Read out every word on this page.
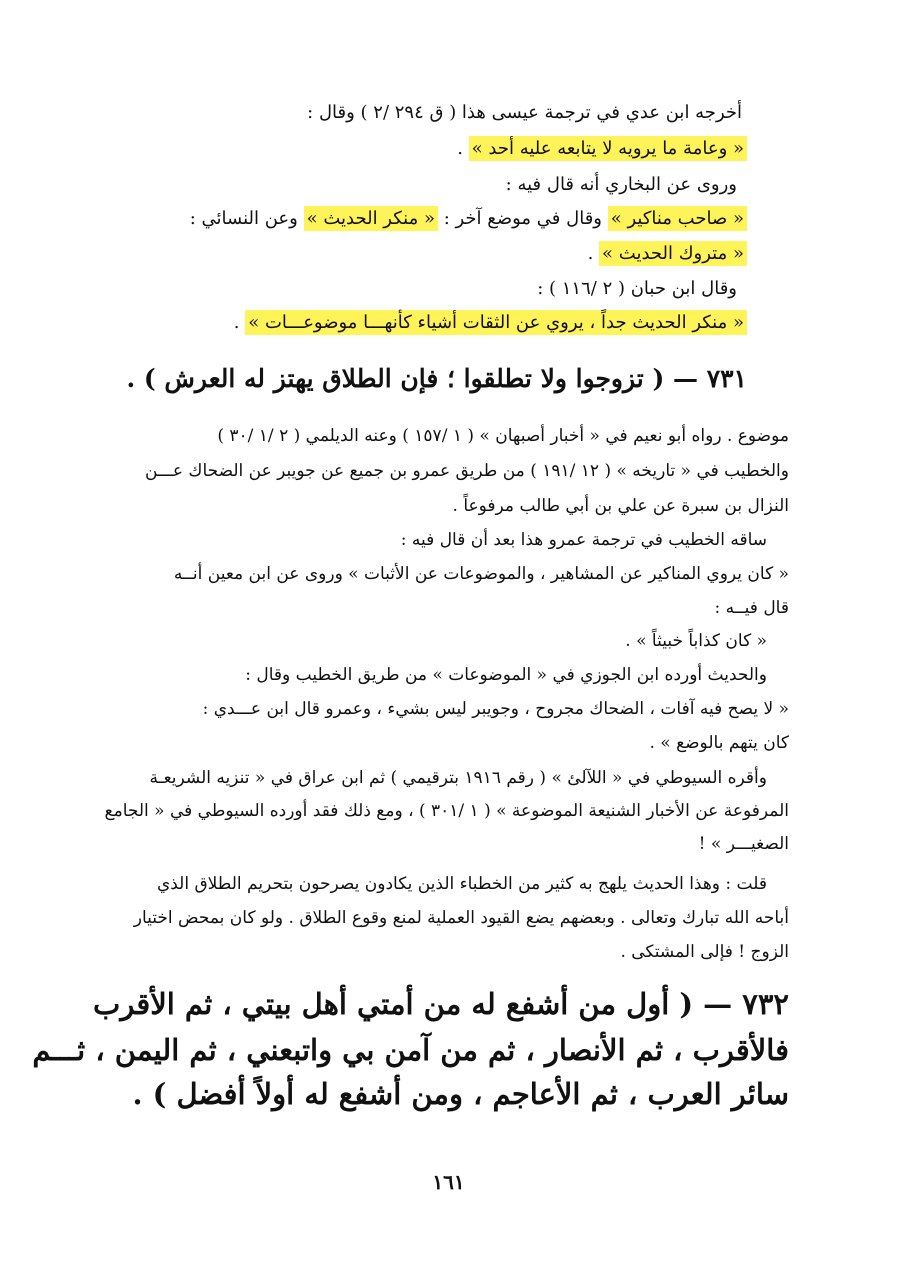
أخرجه ابن عدي في ترجمة عيسى هذا ( ق ٢٩٤ /٢ ) وقال :
« وعامة ما يرويه لا يتابعه عليه أحد » .
وروى عن البخاري أنه قال فيه :
« صاحب مناكير » وقال في موضع آخر : « منكر الحديث » وعن النسائي :
« متروك الحديث » .
وقال ابن حبان ( ٢ /١١٦ ) :
« منكر الحديث جداً ، يروي عن الثقات أشياء كأنهـــا موضوعـــات » .
٧٣١ — ( تزوجوا ولا تطلقوا ؛ فإن الطلاق يهتز له العرش ) .
موضوع . رواه أبو نعيم في « أخبار أصبهان » ( ١ /١٥٧ ) وعنه الديلمي ( ٢ /١ /٣٠ )
والخطيب في « تاريخه » ( ١٢ /١٩١ ) من طريق عمرو بن جميع عن جويبر عن الضحاك عـــن
النزال بن سبرة عن علي بن أبي طالب مرفوعاً .
ساقه الخطيب في ترجمة عمرو هذا بعد أن قال فيه :
« كان يروي المناكير عن المشاهير ، والموضوعات عن الأثبات » وروى عن ابن معين أنــه
قال فيــه :
« كان كذاباً خبيثاً » .
والحديث أورده ابن الجوزي في « الموضوعات » من طريق الخطيب وقال :
« لا يصح فيه آفات ، الضحاك مجروح ، وجويبر ليس بشيء ، وعمرو قال ابن عـــدي :
كان يتهم بالوضع » .
وأقره السيوطي في « اللآلئ » ( رقم ١٩١٦ بترقيمي ) ثم ابن عراق في « تنزيه الشريعـة
المرفوعة عن الأخبار الشنيعة الموضوعة » ( ١ /٣٠١ ) ، ومع ذلك فقد أورده السيوطي في « الجامع
الصغيـــر » !
قلت : وهذا الحديث يلهج به كثير من الخطباء الذين يكادون يصرحون بتحريم الطلاق الذي
أباحه الله تبارك وتعالى . وبعضهم يضع القيود العملية لمنع وقوع الطلاق . ولو كان بمحض اختيار
الزوج ! فإلى المشتكى .
٧٣٢ — ( أول من أشفع له من أمتي أهل بيتي ، ثم الأقرب
فالأقرب ، ثم الأنصار ، ثم من آمن بي واتبعني ، ثم اليمن ، ثـــم
سائر العرب ، ثم الأعاجم ، ومن أشفع له أولاً أفضل ) .
١٦١
